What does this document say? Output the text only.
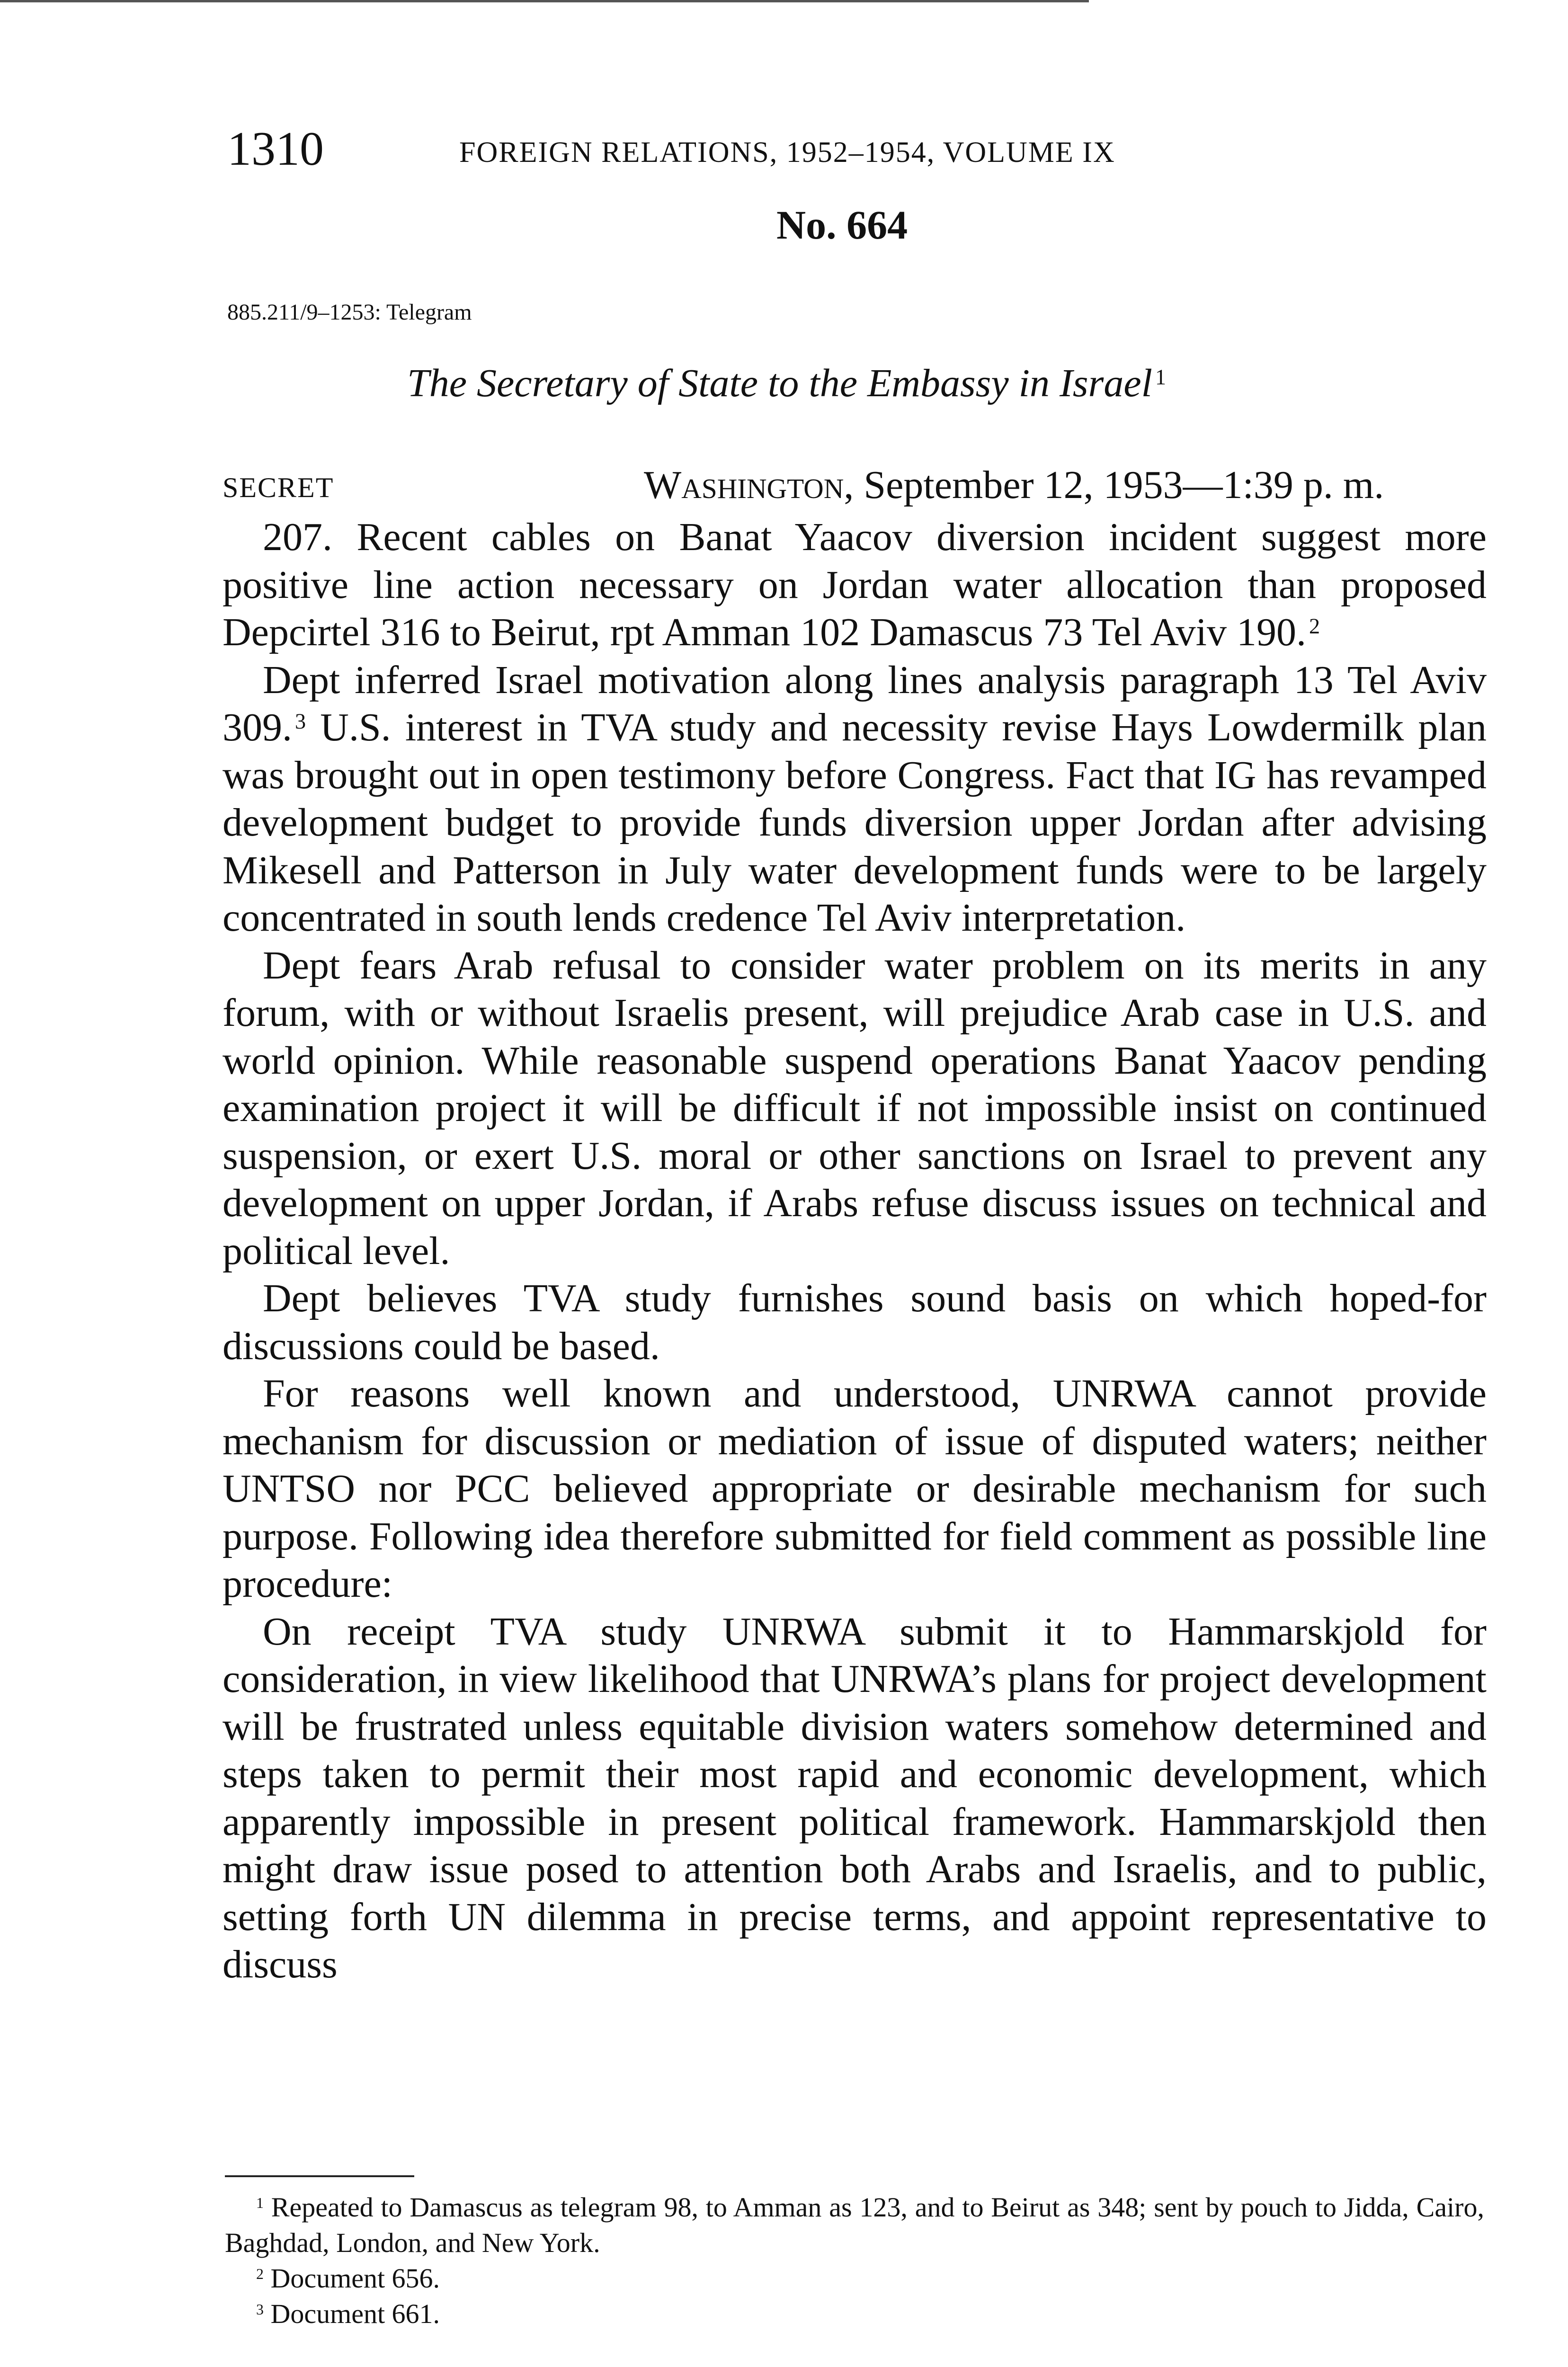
1310	FOREIGN RELATIONS, 1952–1954, VOLUME IX
No. 664
885.211/9–1253: Telegram
The Secretary of State to the Embassy in Israel $^1$
SECRET	Washington, September 12, 1953—1:39 p. m.

207. Recent cables on Banat Yaacov diversion incident suggest more positive line action necessary on Jordan water allocation than proposed Depcirtel 316 to Beirut, rpt Amman 102 Damascus 73 Tel Aviv 190. $^2$

Dept inferred Israel motivation along lines analysis paragraph 13 Tel Aviv 309. $^3$ U.S. interest in TVA study and necessity revise Hays Lowdermilk plan was brought out in open testimony before Congress. Fact that IG has revamped development budget to provide funds diversion upper Jordan after advising Mikesell and Patterson in July water development funds were to be largely concentrated in south lends credence Tel Aviv interpretation.

Dept fears Arab refusal to consider water problem on its merits in any forum, with or without Israelis present, will prejudice Arab case in U.S. and world opinion. While reasonable suspend operations Banat Yaacov pending examination project it will be difficult if not impossible insist on continued suspension, or exert U.S. moral or other sanctions on Israel to prevent any development on upper Jordan, if Arabs refuse discuss issues on technical and political level.

Dept believes TVA study furnishes sound basis on which hoped-for discussions could be based.

For reasons well known and understood, UNRWA cannot provide mechanism for discussion or mediation of issue of disputed waters; neither UNTSO nor PCC believed appropriate or desirable mechanism for such purpose. Following idea therefore submitted for field comment as possible line procedure:

On receipt TVA study UNRWA submit it to Hammarskjold for consideration, in view likelihood that UNRWA’s plans for project development will be frustrated unless equitable division waters somehow determined and steps taken to permit their most rapid and economic development, which apparently impossible in present political framework. Hammarskjold then might draw issue posed to attention both Arabs and Israelis, and to public, setting forth UN dilemma in precise terms, and appoint representative to discuss

$^1$ Repeated to Damascus as telegram 98, to Amman as 123, and to Beirut as 348; sent by pouch to Jidda, Cairo, Baghdad, London, and New York.

$^2$ Document 656.

$^3$ Document 661.
